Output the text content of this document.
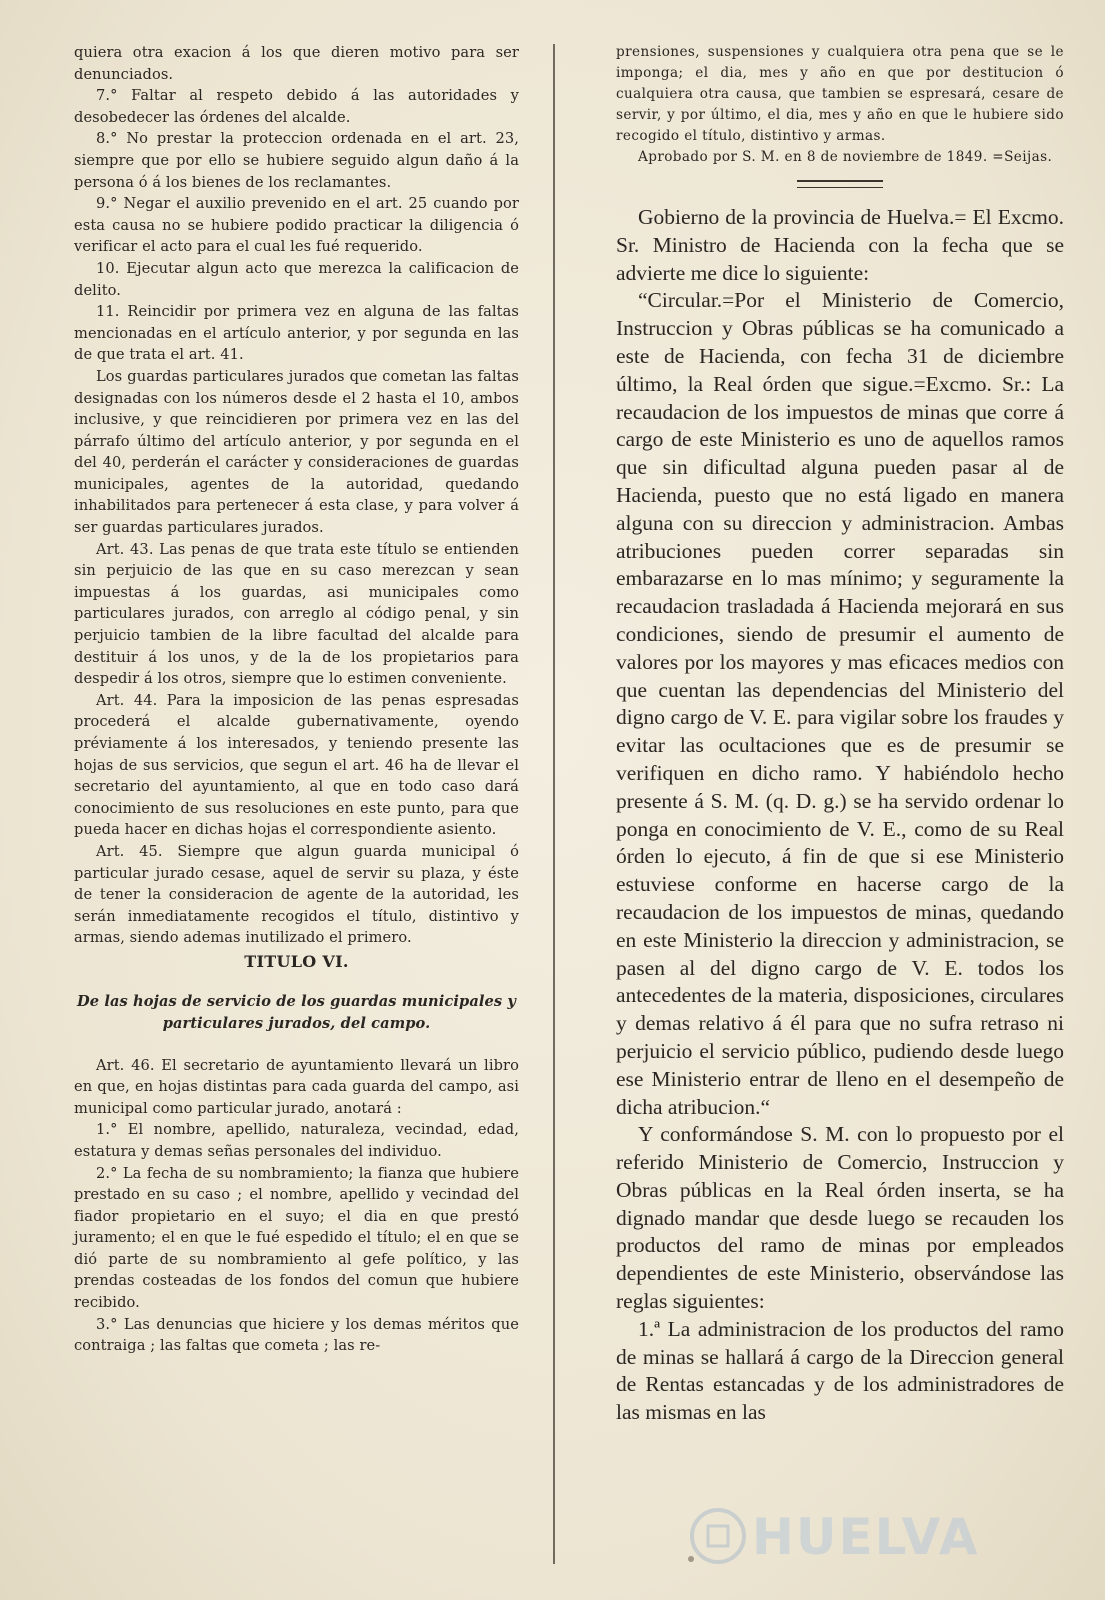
quiera otra exacion á los que dieren motivo para ser denunciados.

7.° Faltar al respeto debido á las autoridades y desobedecer las órdenes del alcalde.

8.° No prestar la proteccion ordenada en el art. 23, siempre que por ello se hubiere seguido algun daño á la persona ó á los bienes de los reclamantes.

9.° Negar el auxilio prevenido en el art. 25 cuando por esta causa no se hubiere podido practicar la diligencia ó verificar el acto para el cual les fué requerido.

10. Ejecutar algun acto que merezca la calificacion de delito.

11. Reincidir por primera vez en alguna de las faltas mencionadas en el artículo anterior, y por segunda en las de que trata el art. 41.

Los guardas particulares jurados que cometan las faltas designadas con los números desde el 2 hasta el 10, ambos inclusive, y que reincidieren por primera vez en las del párrafo último del artículo anterior, y por segunda en el del 40, perderán el carácter y consideraciones de guardas municipales, agentes de la autoridad, quedando inhabilitados para pertenecer á esta clase, y para volver á ser guardas particulares jurados.

Art. 43. Las penas de que trata este título se entienden sin perjuicio de las que en su caso merezcan y sean impuestas á los guardas, asi municipales como particulares jurados, con arreglo al código penal, y sin perjuicio tambien de la libre facultad del alcalde para destituir á los unos, y de la de los propietarios para despedir á los otros, siempre que lo estimen conveniente.

Art. 44. Para la imposicion de las penas espresadas procederá el alcalde gubernativamente, oyendo préviamente á los interesados, y teniendo presente las hojas de sus servicios, que segun el art. 46 ha de llevar el secretario del ayuntamiento, al que en todo caso dará conocimiento de sus resoluciones en este punto, para que pueda hacer en dichas hojas el correspondiente asiento.

Art. 45. Siempre que algun guarda municipal ó particular jurado cesase, aquel de servir su plaza, y éste de tener la consideracion de agente de la autoridad, les serán inmediatamente recogidos el título, distintivo y armas, siendo ademas inutilizado el primero.

TITULO VI.
De las hojas de servicio de los guardas municipales y particulares jurados, del campo.

Art. 46. El secretario de ayuntamiento llevará un libro en que, en hojas distintas para cada guarda del campo, asi municipal como particular jurado, anotará :

1.° El nombre, apellido, naturaleza, vecindad, edad, estatura y demas señas personales del individuo.

2.° La fecha de su nombramiento; la fianza que hubiere prestado en su caso ; el nombre, apellido y vecindad del fiador propietario en el suyo; el dia en que prestó juramento; el en que le fué espedido el título; el en que se dió parte de su nombramiento al gefe político, y las prendas costeadas de los fondos del comun que hubiere recibido.

3.° Las denuncias que hiciere y los demas méritos que contraiga ; las faltas que cometa ; las re-

prensiones, suspensiones y cualquiera otra pena que se le imponga; el dia, mes y año en que por destitucion ó cualquiera otra causa, que tambien se espresará, cesare de servir, y por último, el dia, mes y año en que le hubiere sido recogido el título, distintivo y armas.

Aprobado por S. M. en 8 de noviembre de 1849. =Seijas.

Gobierno de la provincia de Huelva.= El Excmo. Sr. Ministro de Hacienda con la fecha que se advierte me dice lo siguiente:

“Circular.=Por el Ministerio de Comercio, Instruccion y Obras públicas se ha comunicado a este de Hacienda, con fecha 31 de diciembre último, la Real órden que sigue.=Excmo. Sr.: La recaudacion de los impuestos de minas que corre á cargo de este Ministerio es uno de aquellos ramos que sin dificultad alguna pueden pasar al de Hacienda, puesto que no está ligado en manera alguna con su direccion y administracion. Ambas atribuciones pueden correr separadas sin embarazarse en lo mas mínimo; y seguramente la recaudacion trasladada á Hacienda mejorará en sus condiciones, siendo de presumir el aumento de valores por los mayores y mas eficaces medios con que cuentan las dependencias del Ministerio del digno cargo de V. E. para vigilar sobre los fraudes y evitar las ocultaciones que es de presumir se verifiquen en dicho ramo. Y habiéndolo hecho presente á S. M. (q. D. g.) se ha servido ordenar lo ponga en conocimiento de V. E., como de su Real órden lo ejecuto, á fin de que si ese Ministerio estuviese conforme en hacerse cargo de la recaudacion de los impuestos de minas, quedando en este Ministerio la direccion y administracion, se pasen al del digno cargo de V. E. todos los antecedentes de la materia, disposiciones, circulares y demas relativo á él para que no sufra retraso ni perjuicio el servicio público, pudiendo desde luego ese Ministerio entrar de lleno en el desempeño de dicha atribucion.“

Y conformándose S. M. con lo propuesto por el referido Ministerio de Comercio, Instruccion y Obras públicas en la Real órden inserta, se ha dignado mandar que desde luego se recauden los productos del ramo de minas por empleados dependientes de este Ministerio, observándose las reglas siguientes:

1.ª La administracion de los productos del ramo de minas se hallará á cargo de la Direccion general de Rentas estancadas y de los administradores de las mismas en las

HUELVA
